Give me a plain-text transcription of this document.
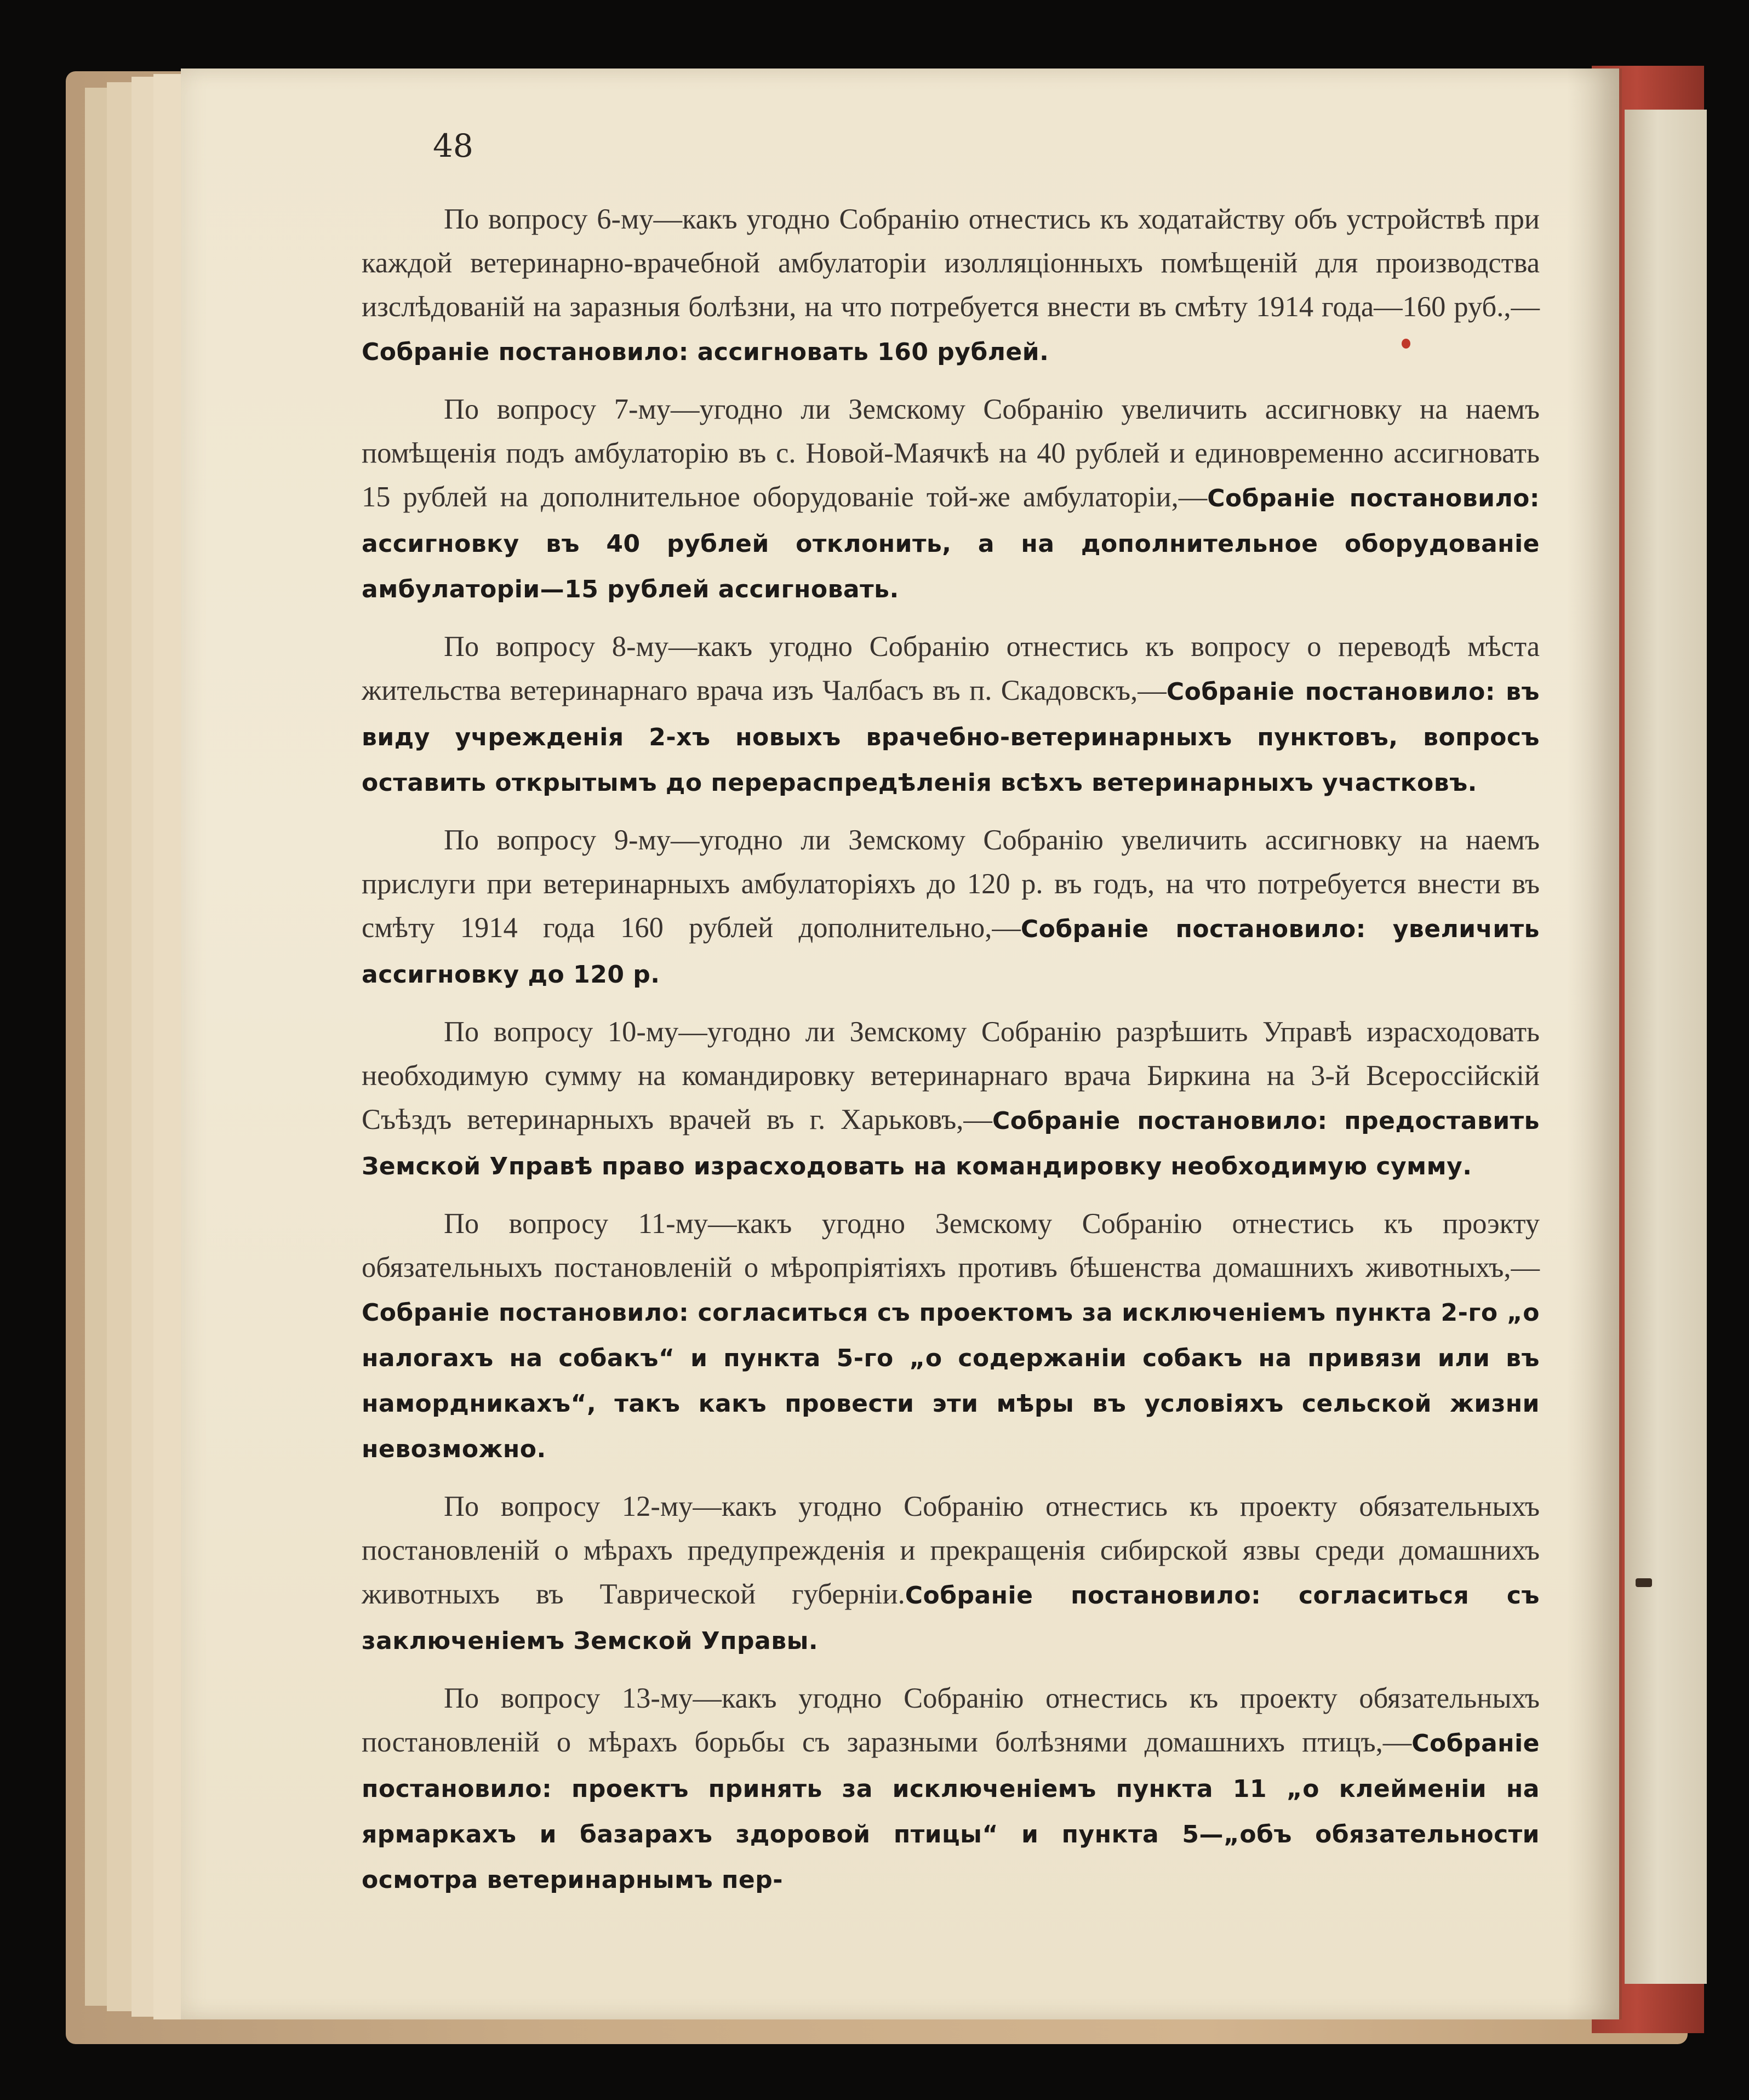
48

По вопросу 6-му—какъ угодно Собранію отнестись къ ходатайству объ устройствѣ при каждой ветеринарно-врачебной амбулаторіи изолляціонныхъ помѣщеній для производства изслѣдованій на заразныя болѣзни, на что потребуется внести въ смѣту 1914 года—160 руб.,—Собраніе постановило: ассигновать 160 рублей.

По вопросу 7-му—угодно ли Земскому Собранію увеличить ассигновку на наемъ помѣщенія подъ амбулаторію въ с. Новой-Маячкѣ на 40 рублей и единовременно ассигновать 15 рублей на дополнительное оборудованіе той-же амбулаторіи,—Собраніе постановило: ассигновку въ 40 рублей отклонить, а на дополнительное оборудованіе амбулаторіи—15 рублей ассигновать.

По вопросу 8-му—какъ угодно Собранію отнестись къ вопросу о переводѣ мѣста жительства ветеринарнаго врача изъ Чалбасъ въ п. Скадовскъ,—Собраніе постановило: въ виду учрежденія 2-хъ новыхъ врачебно-ветеринарныхъ пунктовъ, вопросъ оставить открытымъ до перераспредѣленія всѣхъ ветеринарныхъ участковъ.

По вопросу 9-му—угодно ли Земскому Собранію увеличить ассигновку на наемъ прислуги при ветеринарныхъ амбулаторіяхъ до 120 р. въ годъ, на что потребуется внести въ смѣту 1914 года 160 рублей дополнительно,—Собраніе постановило: увеличить ассигновку до 120 р.

По вопросу 10-му—угодно ли Земскому Собранію разрѣшить Управѣ израсходовать необходимую сумму на командировку ветеринарнаго врача Биркина на 3-й Всероссійскій Съѣздъ ветеринарныхъ врачей въ г. Харьковъ,—Собраніе постановило: предоставить Земской Управѣ право израсходовать на командировку необходимую сумму.

По вопросу 11-му—какъ угодно Земскому Собранію отнестись къ проэкту обязательныхъ постановленій о мѣропріятіяхъ противъ бѣшенства домашнихъ животныхъ,—Собраніе постановило: согласиться съ проектомъ за исключеніемъ пункта 2-го „о налогахъ на собакъ“ и пункта 5-го „о содержаніи собакъ на привязи или въ намордникахъ“, такъ какъ провести эти мѣры въ условіяхъ сельской жизни невозможно.

По вопросу 12-му—какъ угодно Собранію отнестись къ проекту обязательныхъ постановленій о мѣрахъ предупрежденія и прекращенія сибирской язвы среди домашнихъ животныхъ въ Таврической губерніи.Собраніе постановило: согласиться съ заключеніемъ Земской Управы.

По вопросу 13-му—какъ угодно Собранію отнестись къ проекту обязательныхъ постановленій о мѣрахъ борьбы съ заразными болѣзнями домашнихъ птицъ,—Собраніе постановило: проектъ принять за исключеніемъ пункта 11 „о клейменіи на ярмаркахъ и базарахъ здоровой птицы“ и пункта 5—„объ обязательности осмотра ветеринарнымъ пер-
